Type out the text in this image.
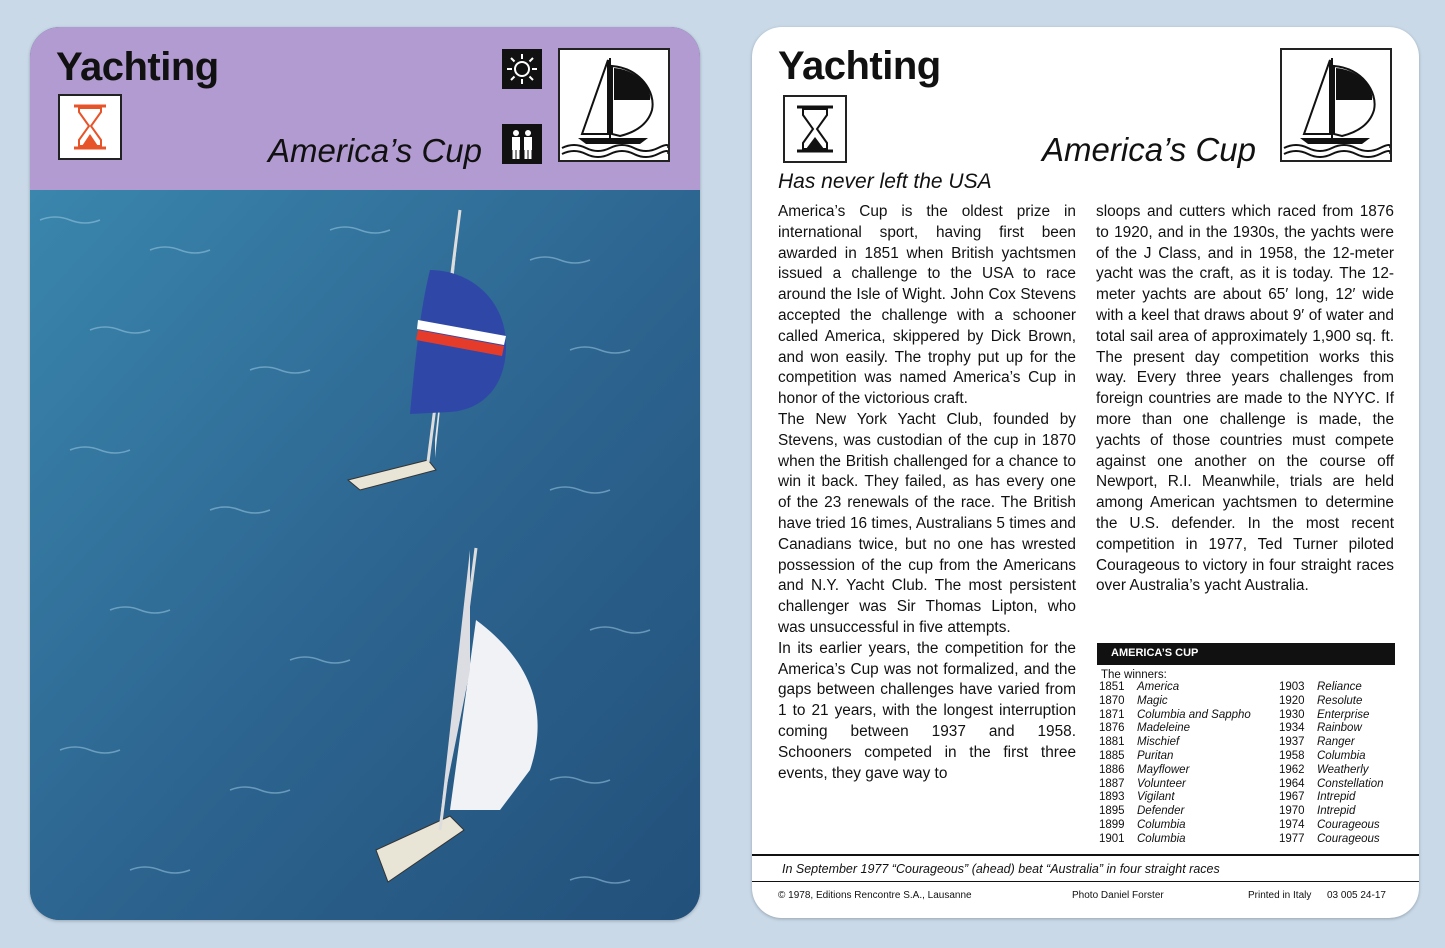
Yachting
America’s Cup
Yachting
America’s Cup
Has never left the USA

America’s Cup is the oldest prize in international sport, having first been awarded in 1851 when British yachtsmen issued a challenge to the USA to race around the Isle of Wight. John Cox Stevens accepted the challenge with a schooner called America, skippered by Dick Brown, and won easily. The trophy put up for the competition was named America’s Cup in honor of the victorious craft.

The New York Yacht Club, founded by Stevens, was custodian of the cup in 1870 when the British challenged for a chance to win it back. They failed, as has every one of the 23 renewals of the race. The British have tried 16 times, Australians 5 times and Canadians twice, but no one has wrested possession of the cup from the Americans and N.Y. Yacht Club. The most persistent challenger was Sir Thomas Lipton, who was unsuccessful in five attempts.

In its earlier years, the competition for the America’s Cup was not formalized, and the gaps between challenges have varied from 1 to 21 years, with the longest interruption coming between 1937 and 1958. Schooners competed in the first three events, they gave way to

sloops and cutters which raced from 1876 to 1920, and in the 1930s, the yachts were of the J Class, and in 1958, the 12-meter yacht was the craft, as it is today. The 12-meter yachts are about 65′ long, 12′ wide with a keel that draws about 9′ of water and total sail area of approximately 1,900 sq. ft. The present day competition works this way. Every three years challenges from foreign countries are made to the NYYC. If more than one challenge is made, the yachts of those countries must compete against one another on the course off Newport, R.I. Meanwhile, trials are held among American yachtsmen to determine the U.S. defender. In the most recent competition in 1977, Ted Turner piloted Courageous to victory in four straight races over Australia’s yacht Australia.

AMERICA’S CUP
The winners:
1851	America
1870	Magic
1871	Columbia and Sappho
1876	Madeleine
1881	Mischief
1885	Puritan
1886	Mayflower
1887	Volunteer
1893	Vigilant
1895	Defender
1899	Columbia
1901	Columbia
1903	Reliance
1920	Resolute
1930	Enterprise
1934	Rainbow
1937	Ranger
1958	Columbia
1962	Weatherly
1964	Constellation
1967	Intrepid
1970	Intrepid
1974	Courageous
1977	Courageous
In September 1977 “Courageous” (ahead) beat “Australia” in four straight races
© 1978, Editions Rencontre S.A., Lausanne	Photo Daniel Forster	Printed in Italy 03 005 24-17
